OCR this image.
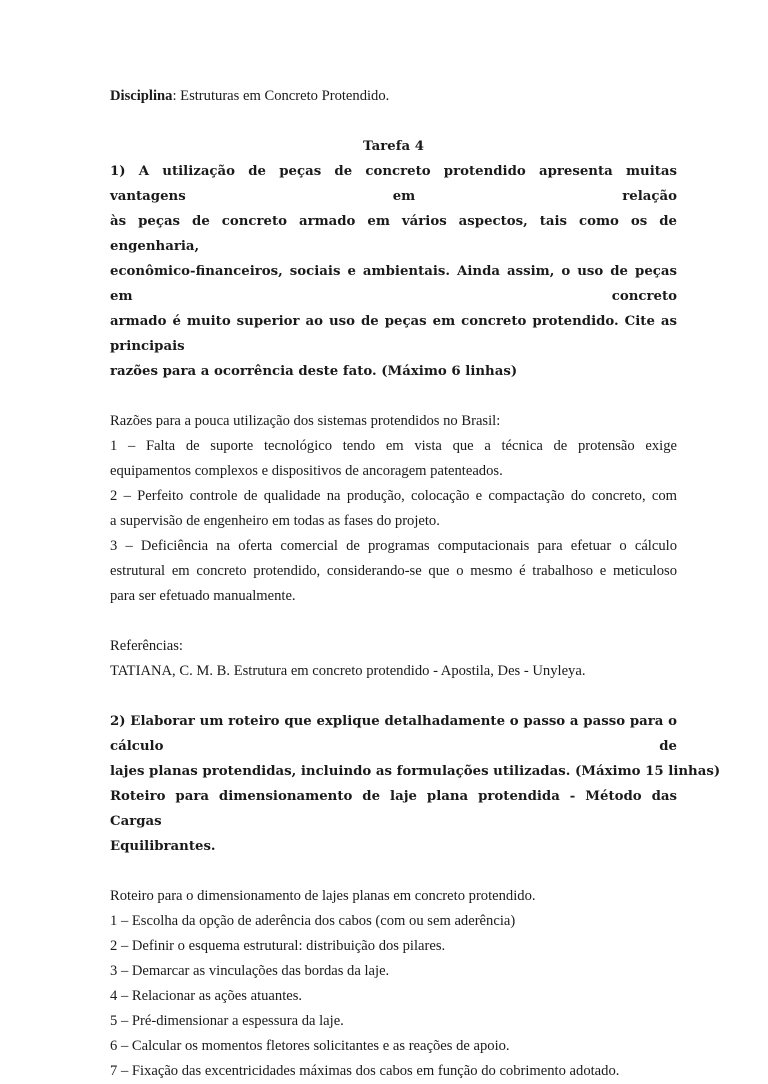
Disciplina: Estruturas em Concreto Protendido.

Tarefa 4

1) A utilização de peças de concreto protendido apresenta muitas vantagens em relação

às peças de concreto armado em vários aspectos, tais como os de engenharia,

econômico-financeiros, sociais e ambientais. Ainda assim, o uso de peças em concreto

armado é muito superior ao uso de peças em concreto protendido. Cite as principais

razões para a ocorrência deste fato. (Máximo 6 linhas)

Razões para a pouca utilização dos sistemas protendidos no Brasil:

1 – Falta de suporte tecnológico tendo em vista que a técnica de protensão exige

equipamentos complexos e dispositivos de ancoragem patenteados.

2 – Perfeito controle de qualidade na produção, colocação e compactação do concreto, com

a supervisão de engenheiro em todas as fases do projeto.

3 – Deficiência na oferta comercial de programas computacionais para efetuar o cálculo

estrutural em concreto protendido, considerando-se que o mesmo é trabalhoso e meticuloso

para ser efetuado manualmente.

Referências:

TATIANA, C. M. B. Estrutura em concreto protendido - Apostila, Des - Unyleya.

2) Elaborar um roteiro que explique detalhadamente o passo a passo para o cálculo de

lajes planas protendidas, incluindo as formulações utilizadas. (Máximo 15 linhas)

Roteiro para dimensionamento de laje plana protendida - Método das Cargas

Equilibrantes.

Roteiro para o dimensionamento de lajes planas em concreto protendido.

1 – Escolha da opção de aderência dos cabos (com ou sem aderência)

2 – Definir o esquema estrutural: distribuição dos pilares.

3 – Demarcar as vinculações das bordas da laje.

4 – Relacionar as ações atuantes.

5 – Pré-dimensionar a espessura da laje.

6 – Calcular os momentos fletores solicitantes e as reações de apoio.

7 – Fixação das excentricidades máximas dos cabos em função do cobrimento adotado.
